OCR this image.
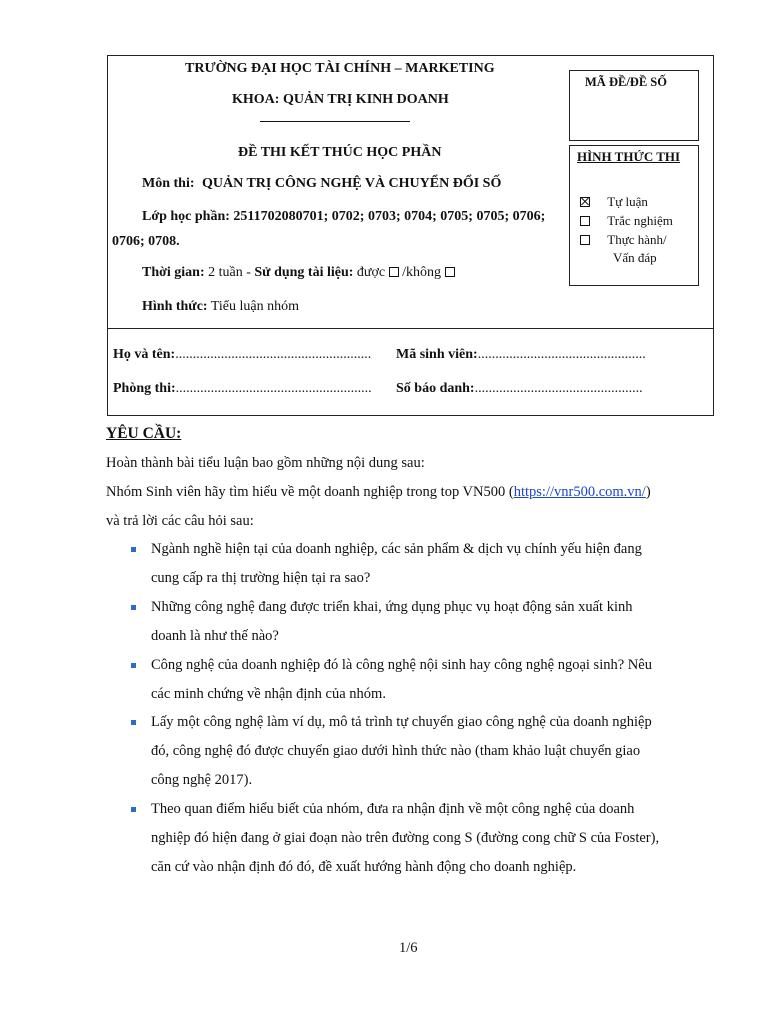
TRƯỜNG ĐẠI HỌC TÀI CHÍNH – MARKETING
KHOA: QUẢN TRỊ KINH DOANH
ĐỀ THI KẾT THÚC HỌC PHẦN
Môn thi: QUẢN TRỊ CÔNG NGHỆ VÀ CHUYỂN ĐỔI SỐ
Lớp học phần: 2511702080701; 0702; 0703; 0704; 0705; 0705; 0706;
0706; 0708.
Thời gian: 2 tuần - Sử dụng tài liệu: được /không
Hình thức: Tiểu luận nhóm
MÃ ĐỀ/ĐỀ SỐ
HÌNH THỨC THI
Tự luận
Trắc nghiệm
Thực hành/
Vấn đáp
Họ và tên:........................................................ Mã sinh viên:................................................
Phòng thi:........................................................ Số báo danh:................................................
YÊU CẦU:
Hoàn thành bài tiểu luận bao gồm những nội dung sau:
Nhóm Sinh viên hãy tìm hiểu về một doanh nghiệp trong top VN500 (https://vnr500.com.vn/)
và trả lời các câu hỏi sau:
Ngành nghề hiện tại của doanh nghiệp, các sản phẩm & dịch vụ chính yếu hiện đang
cung cấp ra thị trường hiện tại ra sao?
Những công nghệ đang được triển khai, ứng dụng phục vụ hoạt động sản xuất kinh
doanh là như thế nào?
Công nghệ của doanh nghiệp đó là công nghệ nội sinh hay công nghệ ngoại sinh? Nêu
các minh chứng về nhận định của nhóm.
Lấy một công nghệ làm ví dụ, mô tả trình tự chuyển giao công nghệ của doanh nghiệp
đó, công nghệ đó được chuyển giao dưới hình thức nào (tham khảo luật chuyển giao
công nghệ 2017).
Theo quan điểm hiểu biết của nhóm, đưa ra nhận định về một công nghệ của doanh
nghiệp đó hiện đang ở giai đoạn nào trên đường cong S (đường cong chữ S của Foster),
căn cứ vào nhận định đó đó, đề xuất hướng hành động cho doanh nghiệp.
1/6
